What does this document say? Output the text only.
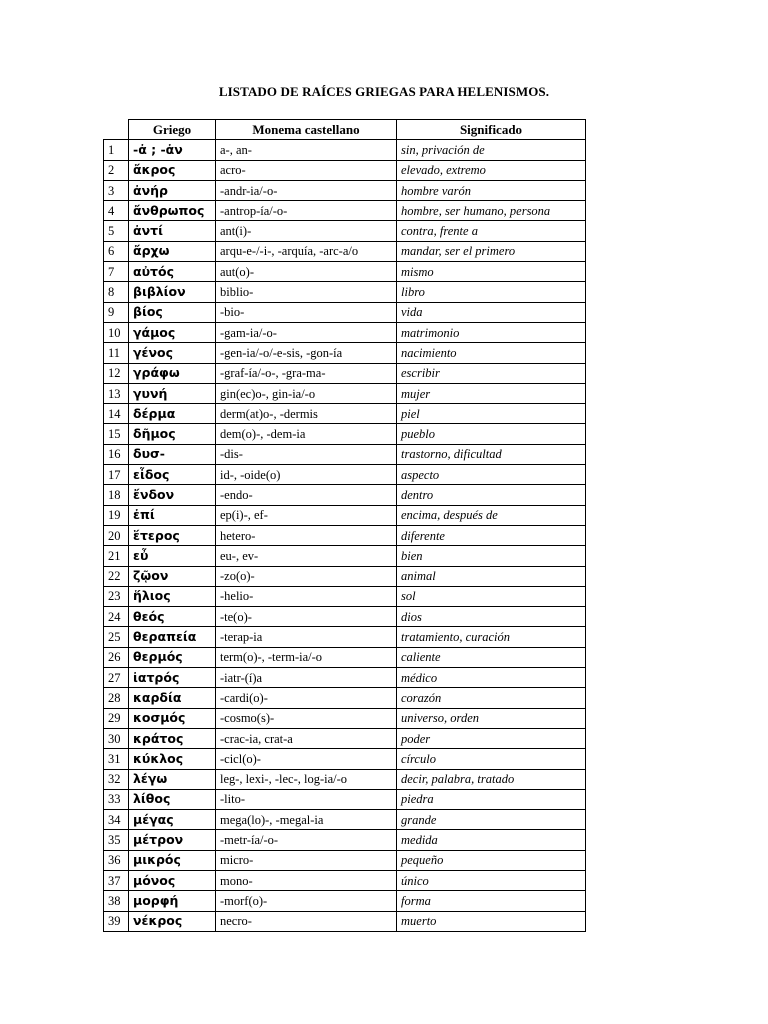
LISTADO DE RAÍCES GRIEGAS PARA HELENISMOS.
	Griego	Monema castellano	Significado
1	-ἀ ; -ἀν	a-, an-	sin, privación de
2	ἄκρος	acro-	elevado, extremo
3	ἀνήρ	-andr-ia/-o-	hombre varón
4	ἄνθρωπος	-antrop-ía/-o-	hombre, ser humano, persona
5	ἀντί	ant(i)-	contra, frente a
6	ἄρχω	arqu-e-/-i-, -arquía, -arc-a/o	mandar, ser el primero
7	αὐτός	aut(o)-	mismo
8	βιβλίον	biblio-	libro
9	βίος	-bio-	vida
10	γάμος	-gam-ia/-o-	matrimonio
11	γένος	-gen-ia/-o/-e-sis, -gon-ía	nacimiento
12	γράφω	-graf-ía/-o-, -gra-ma-	escribir
13	γυνή	gin(ec)o-, gin-ia/-o	mujer
14	δέρμα	derm(at)o-, -dermis	piel
15	δῆμος	dem(o)-, -dem-ia	pueblo
16	δυσ-	-dis-	trastorno, dificultad
17	εἶδος	id-, -oide(o)	aspecto
18	ἔνδον	-endo-	dentro
19	ἐπί	ep(i)-, ef-	encima, después de
20	ἕτερος	hetero-	diferente
21	εὖ	eu-, ev-	bien
22	ζῷον	-zo(o)-	animal
23	ἥλιος	-helio-	sol
24	θεός	-te(o)-	dios
25	θεραπεία	-terap-ia	tratamiento, curación
26	θερμός	term(o)-, -term-ia/-o	caliente
27	ἰατρός	-iatr-(í)a	médico
28	καρδία	-cardi(o)-	corazón
29	κοσμός	-cosmo(s)-	universo, orden
30	κράτος	-crac-ia, crat-a	poder
31	κύκλος	-cicl(o)-	círculo
32	λέγω	leg-, lexi-, -lec-, log-ia/-o	decir, palabra, tratado
33	λίθος	-lito-	piedra
34	μέγας	mega(lo)-, -megal-ia	grande
35	μέτρον	-metr-ía/-o-	medida
36	μικρός	micro-	pequeño
37	μόνος	mono-	único
38	μορφή	-morf(o)-	forma
39	νέκρος	necro-	muerto
